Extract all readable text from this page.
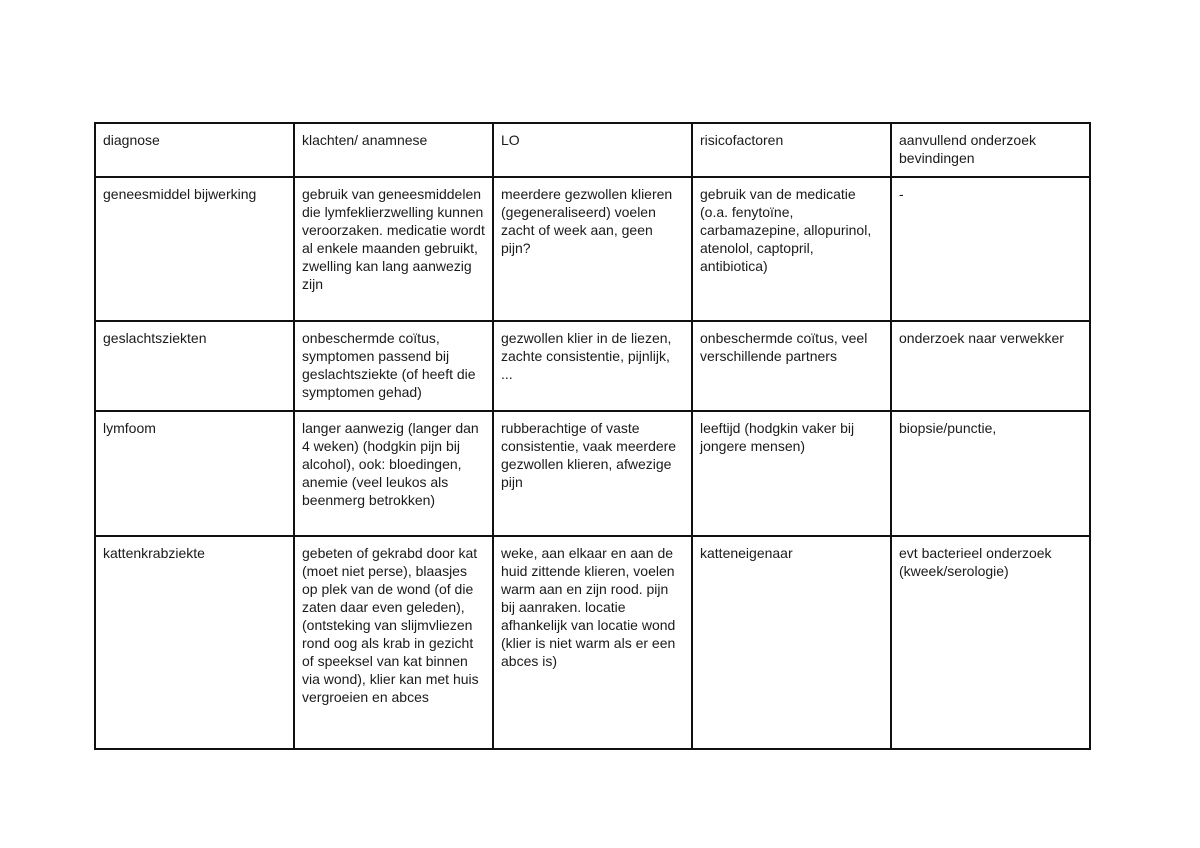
diagnose	klachten/ anamnese	LO	risicofactoren	aanvullend onderzoek bevindingen
geneesmiddel bijwerking	gebruik van geneesmiddelen die lymfeklierzwelling kunnen veroorzaken. medicatie wordt al enkele maanden gebruikt, zwelling kan lang aanwezig zijn	meerdere gezwollen klieren (gegeneraliseerd) voelen zacht of week aan, geen pijn?	gebruik van de medicatie (o.a. fenytoïne, carbamazepine, allopurinol, atenolol, captopril, antibiotica)	-
geslachtsziekten	onbeschermde coïtus, symptomen passend bij geslachtsziekte (of heeft die symptomen gehad)	gezwollen klier in de liezen, zachte consistentie, pijnlijk, ...	onbeschermde coïtus, veel verschillende partners	onderzoek naar verwekker
lymfoom	langer aanwezig (langer dan 4 weken) (hodgkin pijn bij alcohol), ook: bloedingen, anemie (veel leukos als beenmerg betrokken)	rubberachtige of vaste consistentie, vaak meerdere gezwollen klieren, afwezige pijn	leeftijd (hodgkin vaker bij jongere mensen)	biopsie/punctie,
kattenkrabziekte	gebeten of gekrabd door kat (moet niet perse), blaasjes op plek van de wond (of die zaten daar even geleden), (ontsteking van slijmvliezen rond oog als krab in gezicht of speeksel van kat binnen via wond), klier kan met huis vergroeien en abces	weke, aan elkaar en aan de huid zittende klieren, voelen warm aan en zijn rood. pijn bij aanraken. locatie afhankelijk van locatie wond (klier is niet warm als er een abces is)	katteneigenaar	evt bacterieel onderzoek (kweek/serologie)
